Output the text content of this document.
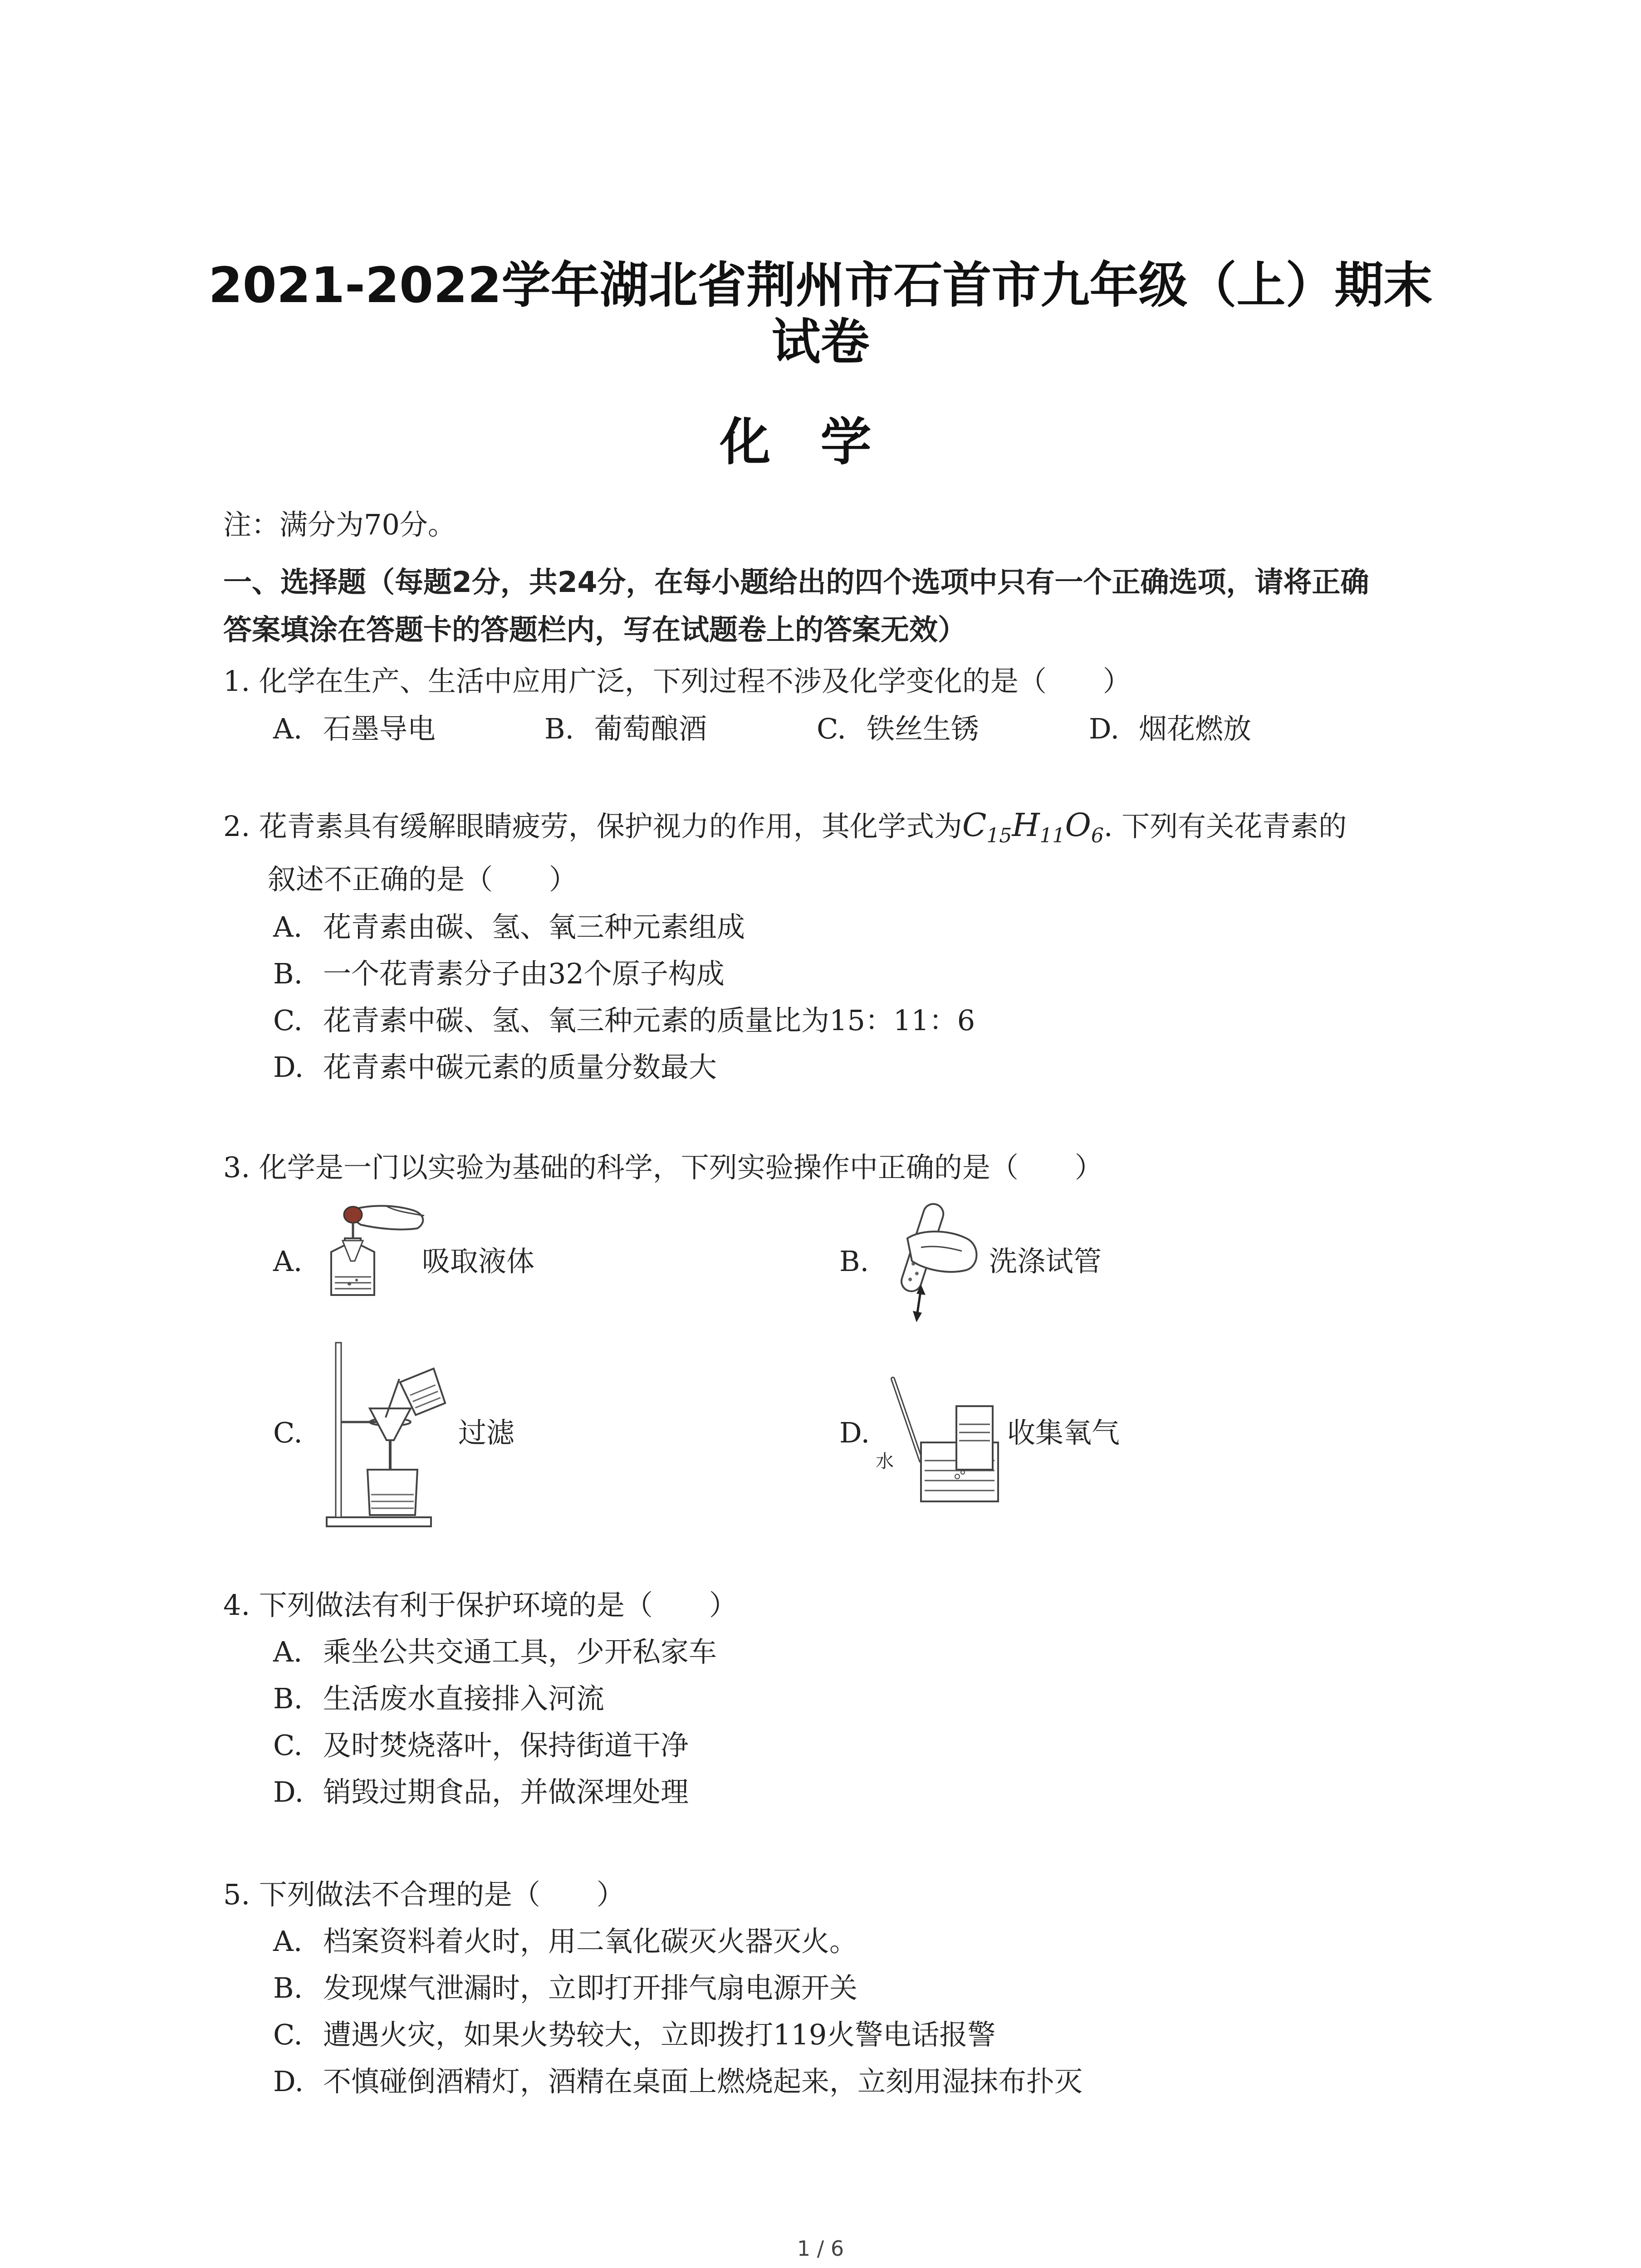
2021-2022学年湖北省荆州市石首市九年级（上）期末
试卷
化学
注：满分为70分。
一、选择题（每题2分，共24分，在每小题给出的四个选项中只有一个正确选项，请将正确
答案填涂在答题卡的答题栏内，写在试题卷上的答案无效）
1. 化学在生产、生活中应用广泛，下列过程不涉及化学变化的是（　　）
A. 石墨导电	B. 葡萄酿酒	C. 铁丝生锈	D. 烟花燃放
2. 花青素具有缓解眼睛疲劳，保护视力的作用，其化学式为$C_{15}H_{11}O_6$. 下列有关花青素的
叙述不正确的是（　　）
A. 花青素由碳、氢、氧三种元素组成
B. 一个花青素分子由32个原子构成
C. 花青素中碳、氢、氧三种元素的质量比为15：11：6
D. 花青素中碳元素的质量分数最大
3. 化学是一门以实验为基础的科学，下列实验操作中正确的是（　　）
A.	吸取液体	B.	洗涤试管
C.	过滤	D.
水
收集氧气
4. 下列做法有利于保护环境的是（　　）
A. 乘坐公共交通工具，少开私家车
B. 生活废水直接排入河流
C. 及时焚烧落叶，保持街道干净
D. 销毁过期食品，并做深埋处理
5. 下列做法不合理的是（　　）
A. 档案资料着火时，用二氧化碳灭火器灭火。
B. 发现煤气泄漏时，立即打开排气扇电源开关
C. 遭遇火灾，如果火势较大，立即拨打119火警电话报警
D. 不慎碰倒酒精灯，酒精在桌面上燃烧起来，立刻用湿抹布扑灭
1 / 6
